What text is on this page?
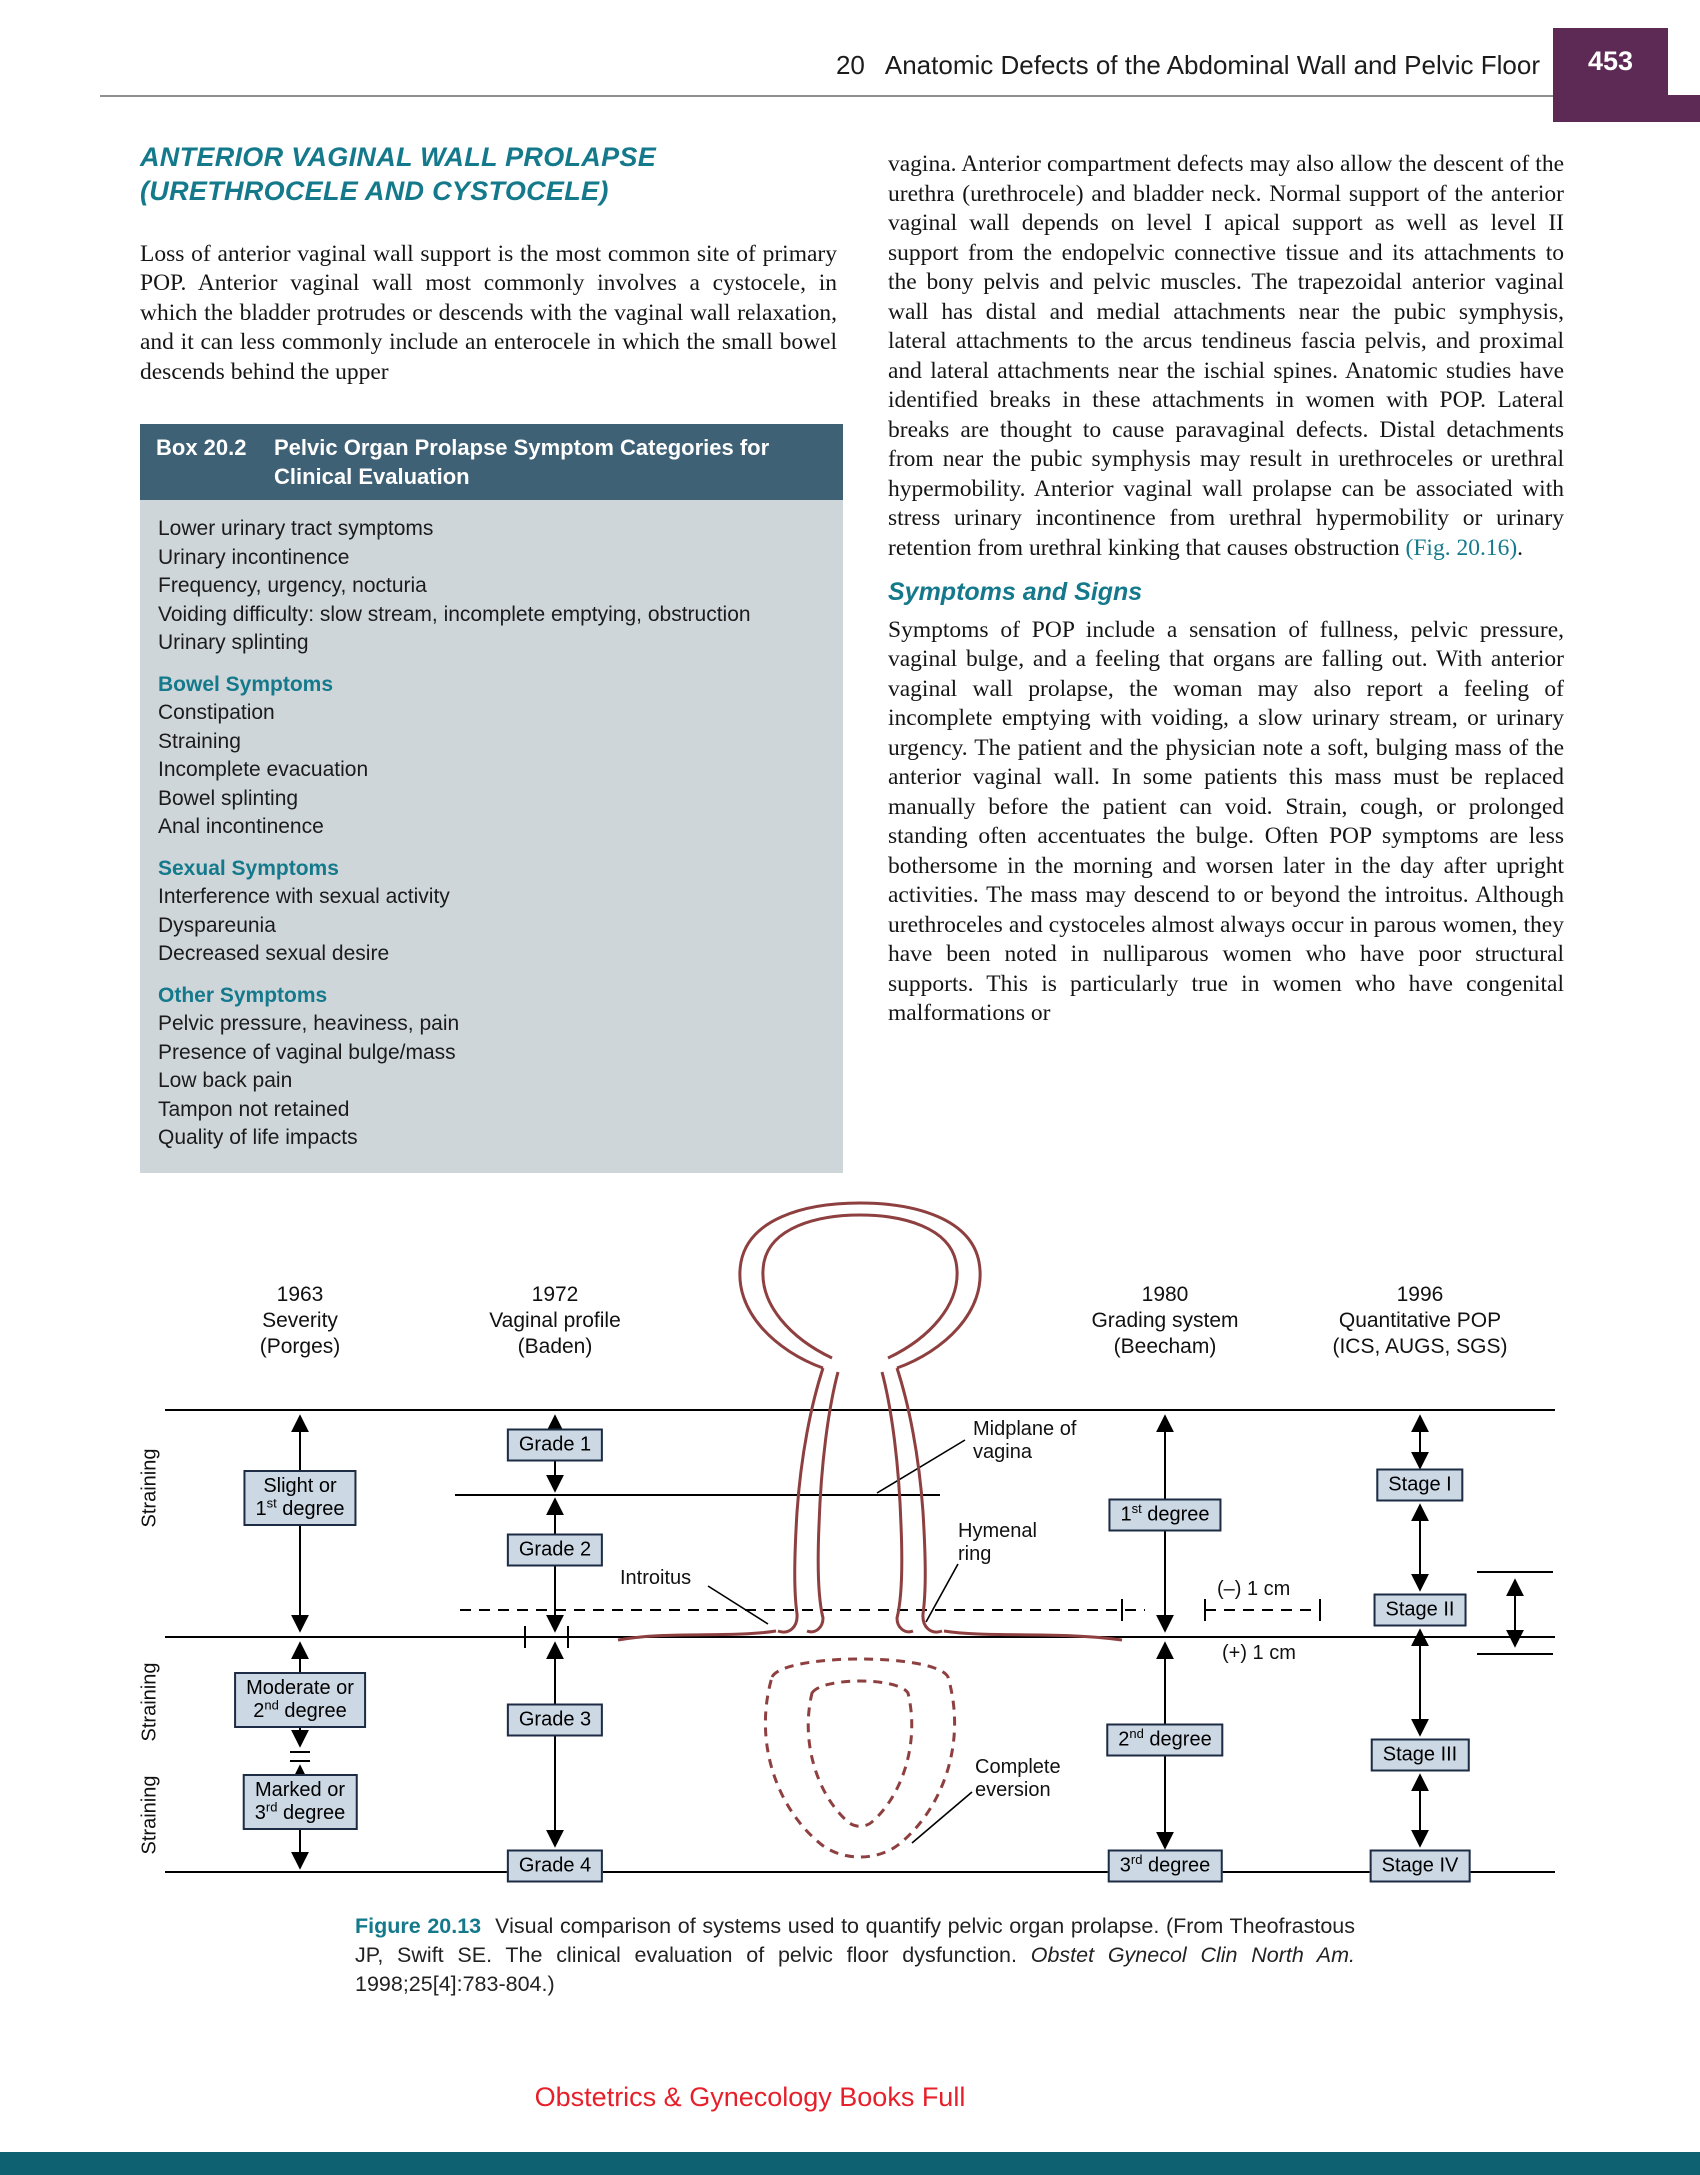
20 Anatomic Defects of the Abdominal Wall and Pelvic Floor 453
ANTERIOR VAGINAL WALL PROLAPSE
(URETHROCELE AND CYSTOCELE)

Loss of anterior vaginal wall support is the most common site of primary POP. Anterior vaginal wall most commonly involves a cystocele, in which the bladder protrudes or descends with the vaginal wall relaxation, and it can less commonly include an enterocele in which the small bowel descends behind the upper

Box 20.2	Pelvic Organ Prolapse Symptom Categories for Clinical Evaluation
Lower urinary tract symptoms
Urinary incontinence
Frequency, urgency, nocturia
Voiding difficulty: slow stream, incomplete emptying, obstruction
Urinary splinting
Bowel Symptoms
Constipation
Straining
Incomplete evacuation
Bowel splinting
Anal incontinence
Sexual Symptoms
Interference with sexual activity
Dyspareunia
Decreased sexual desire
Other Symptoms
Pelvic pressure, heaviness, pain
Presence of vaginal bulge/mass
Low back pain
Tampon not retained
Quality of life impacts

vagina. Anterior compartment defects may also allow the descent of the urethra (urethrocele) and bladder neck. Normal support of the anterior vaginal wall depends on level I apical support as well as level II support from the endopelvic connective tissue and its attachments to the bony pelvis and pelvic muscles. The trapezoidal anterior vaginal wall has distal and medial attachments near the pubic symphysis, lateral attachments to the arcus tendineus fascia pelvis, and proximal and lateral attachments near the ischial spines. Anatomic studies have identified breaks in these attachments in women with POP. Lateral breaks are thought to cause paravaginal defects. Distal detachments from near the pubic symphysis may result in urethroceles or urethral hypermobility. Anterior vaginal wall prolapse can be associated with stress urinary incontinence from urethral hypermobility or urinary retention from urethral kinking that causes obstruction (Fig. 20.16).

Symptoms and Signs

Symptoms of POP include a sensation of fullness, pelvic pressure, vaginal bulge, and a feeling that organs are falling out. With anterior vaginal wall prolapse, the woman may also report a feeling of incomplete emptying with voiding, a slow urinary stream, or urinary urgency. The patient and the physician note a soft, bulging mass of the anterior vaginal wall. In some patients this mass must be replaced manually before the patient can void. Strain, cough, or prolonged standing often accentuates the bulge. Often POP symptoms are less bothersome in the morning and worsen later in the day after upright activities. The mass may descend to or beyond the introitus. Although urethroceles and cystoceles almost always occur in parous women, they have been noted in nulliparous women who have poor structural supports. This is particularly true in women who have congenital malformations or

1963
Severity
(Porges)
1972
Vaginal profile
(Baden)
1980
Grading system
(Beecham)
1996
Quantitative POP
(ICS, AUGS, SGS)
Straining
Straining
Straining
Slight or
1st degree
Moderate or
2nd degree
Marked or
3rd degree
Grade 1
Grade 2
Grade 3
Grade 4
1st degree
2nd degree
3rd degree
Stage I
Stage II
Stage III
Stage IV
Midplane of
vagina
Hymenal
ring
Introitus	(–) 1 cm
(+) 1 cm
Complete
eversion

Figure 20.13 Visual comparison of systems used to quantify pelvic organ prolapse. (From Theofrastous JP, Swift SE. The clinical evaluation of pelvic floor dysfunction. Obstet Gynecol Clin North Am. 1998;25[4]:783-804.)

Obstetrics & Gynecology Books Full
